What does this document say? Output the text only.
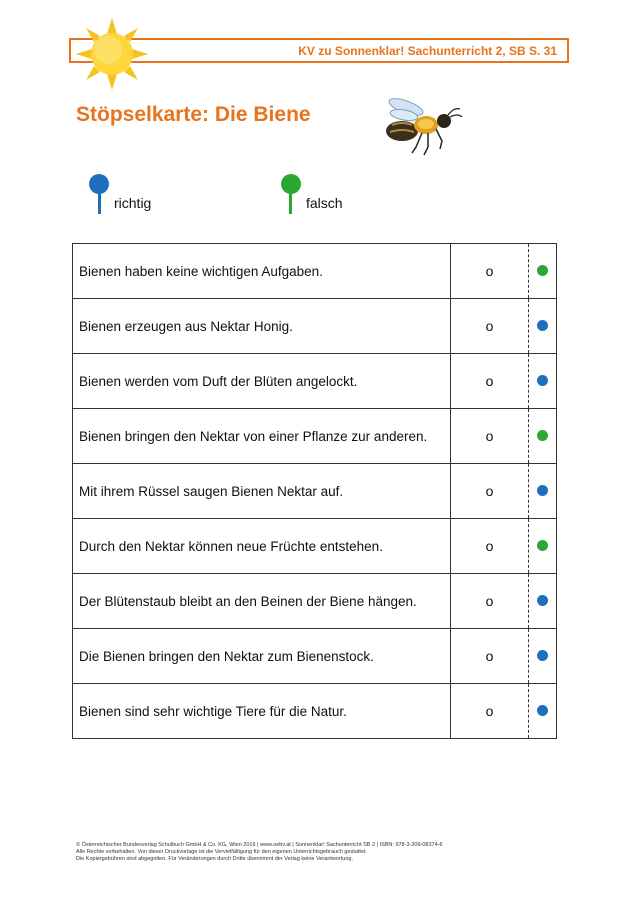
KV zu Sonnenklar! Sachunterricht 2, SB S. 31
Stöpselkarte: Die Biene
richtig	falsch
Bienen haben keine wichtigen Aufgaben.	o	
Bienen erzeugen aus Nektar Honig.	o	
Bienen werden vom Duft der Blüten angelockt.	o	
Bienen bringen den Nektar von einer Pflanze zur anderen.	o	
Mit ihrem Rüssel saugen Bienen Nektar auf.	o	
Durch den Nektar können neue Früchte entstehen.	o	
Der Blütenstaub bleibt an den Beinen der Biene hängen.	o	
Die Bienen bringen den Nektar zum Bienenstock.	o	
Bienen sind sehr wichtige Tiere für die Natur.	o	
© Österreichischer Bundesverlag Schulbuch GmbH & Co. KG, Wien 2016 | www.oebv.at | Sonnenklar! Sachunterricht SB 2 | ISBN: 978-3-209-08374-6
Alle Rechte vorbehalten. Von dieser Druckvorlage ist die Vervielfältigung für den eigenen Unterrichtsgebrauch gestattet.
Die Kopiergebühren sind abgegolten. Für Veränderungen durch Dritte übernimmt der Verlag keine Verantwortung.
